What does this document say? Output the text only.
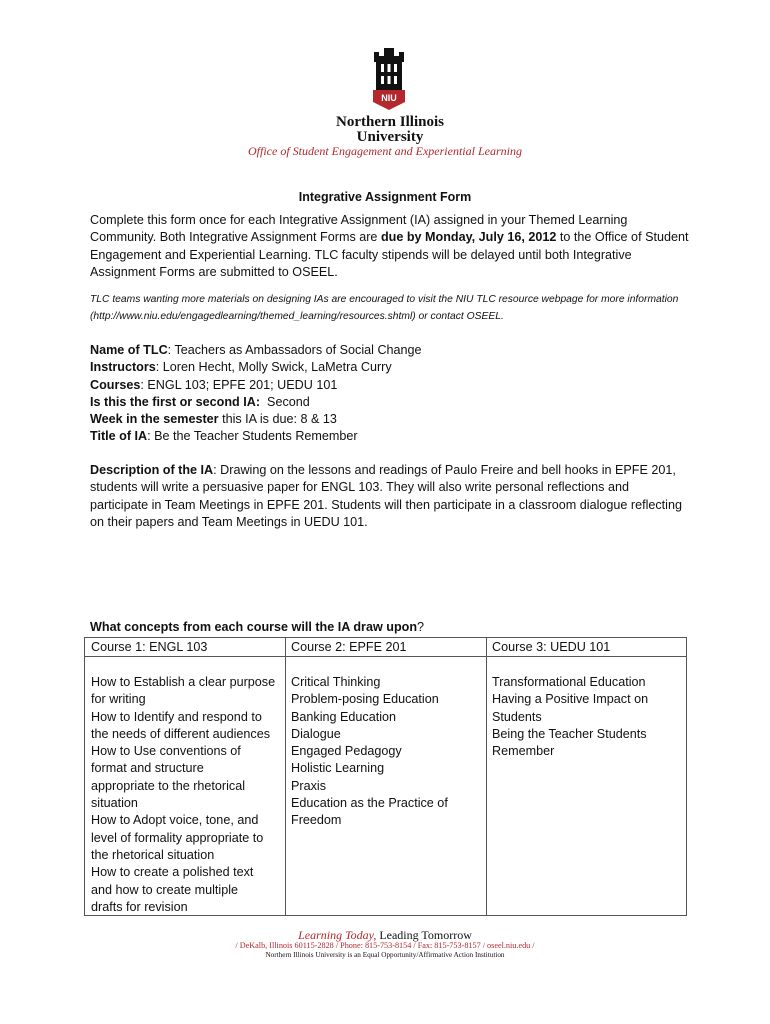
NIU
Northern Illinois
University
Office of Student Engagement and Experiential Learning
Integrative Assignment Form
Complete this form once for each Integrative Assignment (IA) assigned in your Themed Learning Community. Both Integrative Assignment Forms are due by Monday, July 16, 2012 to the Office of Student Engagement and Experiential Learning. TLC faculty stipends will be delayed until both Integrative Assignment Forms are submitted to OSEEL.
TLC teams wanting more materials on designing IAs are encouraged to visit the NIU TLC resource webpage for more information (http://www.niu.edu/engagedlearning/themed_learning/resources.shtml) or contact OSEEL.
Name of TLC: Teachers as Ambassadors of Social Change
Instructors: Loren Hecht, Molly Swick, LaMetra Curry
Courses: ENGL 103; EPFE 201; UEDU 101
Is this the first or second IA: Second
Week in the semester this IA is due: 8 & 13
Title of IA: Be the Teacher Students Remember
Description of the IA: Drawing on the lessons and readings of Paulo Freire and bell hooks in EPFE 201, students will write a persuasive paper for ENGL 103. They will also write personal reflections and participate in Team Meetings in EPFE 201. Students will then participate in a classroom dialogue reflecting on their papers and Team Meetings in UEDU 101.
What concepts from each course will the IA draw upon?
Course 1: ENGL 103	Course 2: EPFE 201	Course 3: UEDU 101
How to Establish a clear purpose
for writing
How to Identify and respond to
the needs of different audiences
How to Use conventions of
format and structure
appropriate to the rhetorical
situation
How to Adopt voice, tone, and
level of formality appropriate to
the rhetorical situation
How to create a polished text
and how to create multiple
drafts for revision
Critical Thinking
Problem-posing Education
Banking Education
Dialogue
Engaged Pedagogy
Holistic Learning
Praxis
Education as the Practice of
Freedom
Transformational Education
Having a Positive Impact on
Students
Being the Teacher Students
Remember
Learning Today, Leading Tomorrow
/ DeKalb, Illinois 60115-2828 / Phone: 815-753-8154 / Fax: 815-753-8157 / oseel.niu.edu /
Northern Illinois University is an Equal Opportunity/Affirmative Action Institution
